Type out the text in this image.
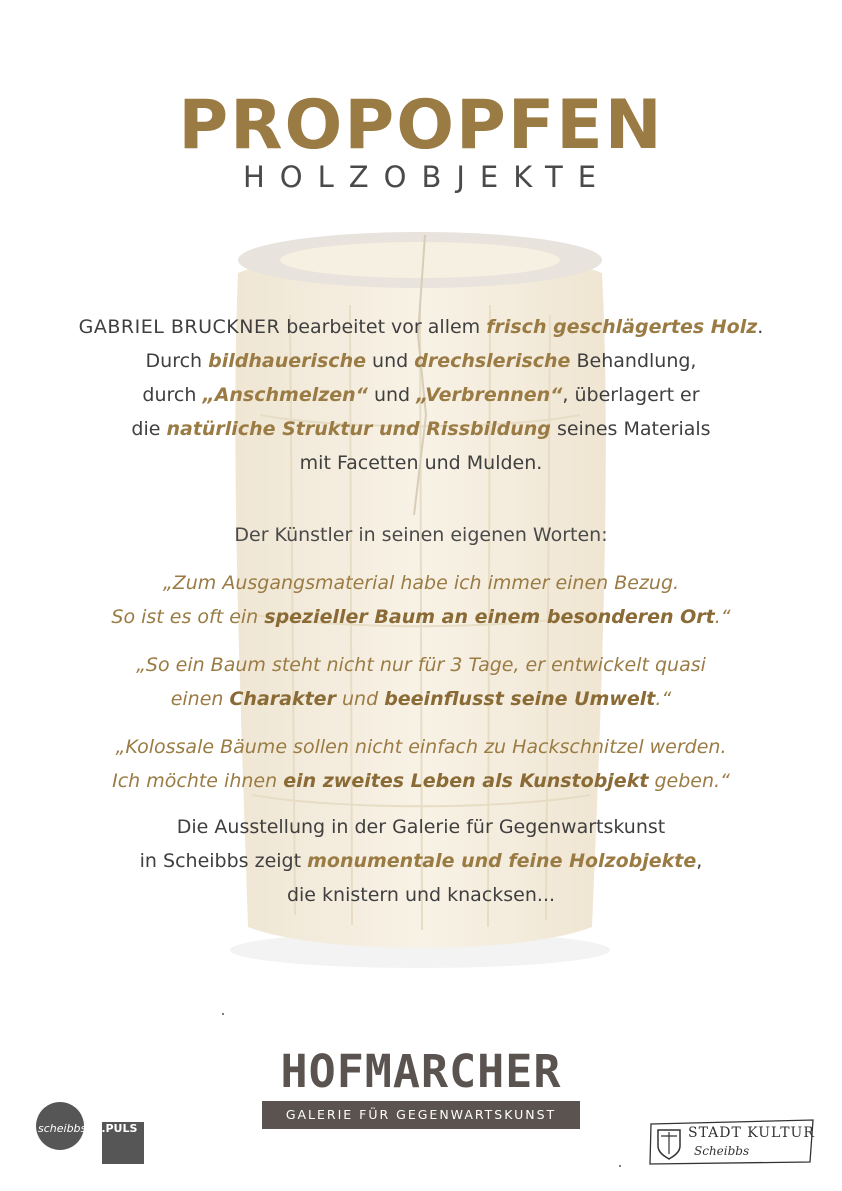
PROPOPFEN
HOLZOBJEKTE
GABRIEL BRUCKNER bearbeitet vor allem frisch geschlägertes Holz.
Durch bildhauerische und drechslerische Behandlung,
durch „Anschmelzen“ und „Verbrennen“, überlagert er
die natürliche Struktur und Rissbildung seines Materials
mit Facetten und Mulden.
Der Künstler in seinen eigenen Worten:
„Zum Ausgangsmaterial habe ich immer einen Bezug.
So ist es oft ein spezieller Baum an einem besonderen Ort.“
„So ein Baum steht nicht nur für 3 Tage, er entwickelt quasi
einen Charakter und beeinflusst seine Umwelt.“
„Kolossale Bäume sollen nicht einfach zu Hackschnitzel werden.
Ich möchte ihnen ein zweites Leben als Kunstobjekt geben.“
Die Ausstellung in der Galerie für Gegenwartskunst
in Scheibbs zeigt monumentale und feine Holzobjekte,
die knistern und knacksen...
HOFMARCHER
GALERIE FÜR GEGENWARTSKUNST
scheibbsIM.PULS	STADT KULTUR
Scheibbs
